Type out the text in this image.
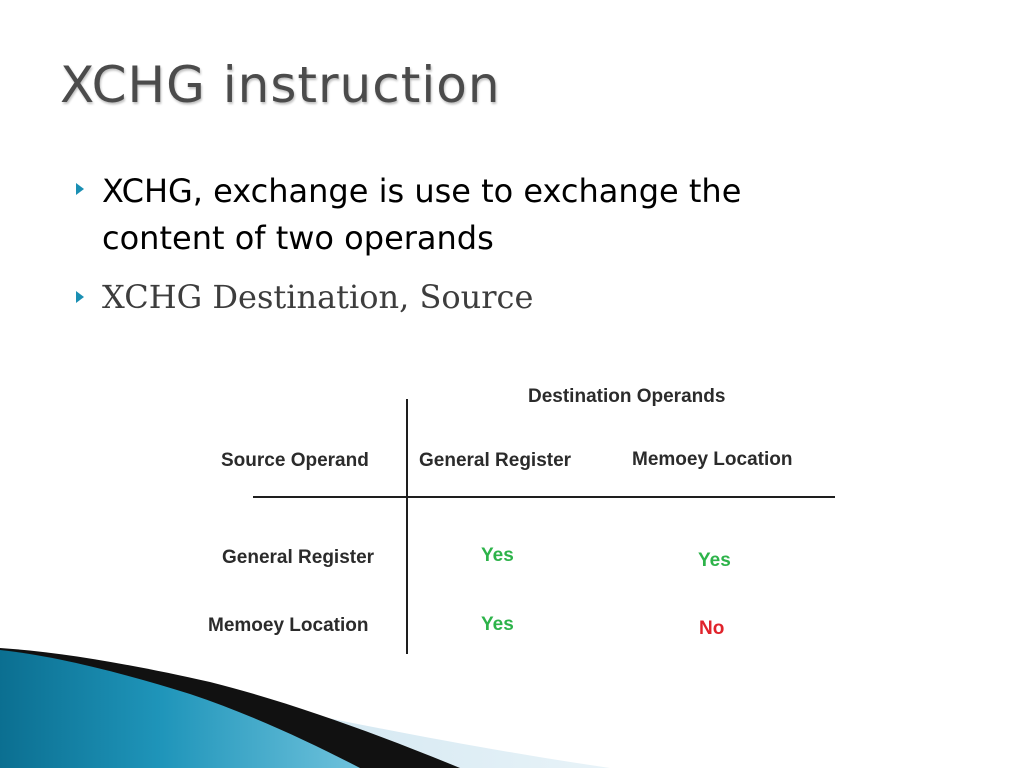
XCHG instruction
XCHG, exchange is use to exchange the content of two operands
XCHG Destination, Source
Destination Operands
Source Operand	General Register	Memoey Location
General Register	Yes	Yes
Memoey Location	Yes	No
